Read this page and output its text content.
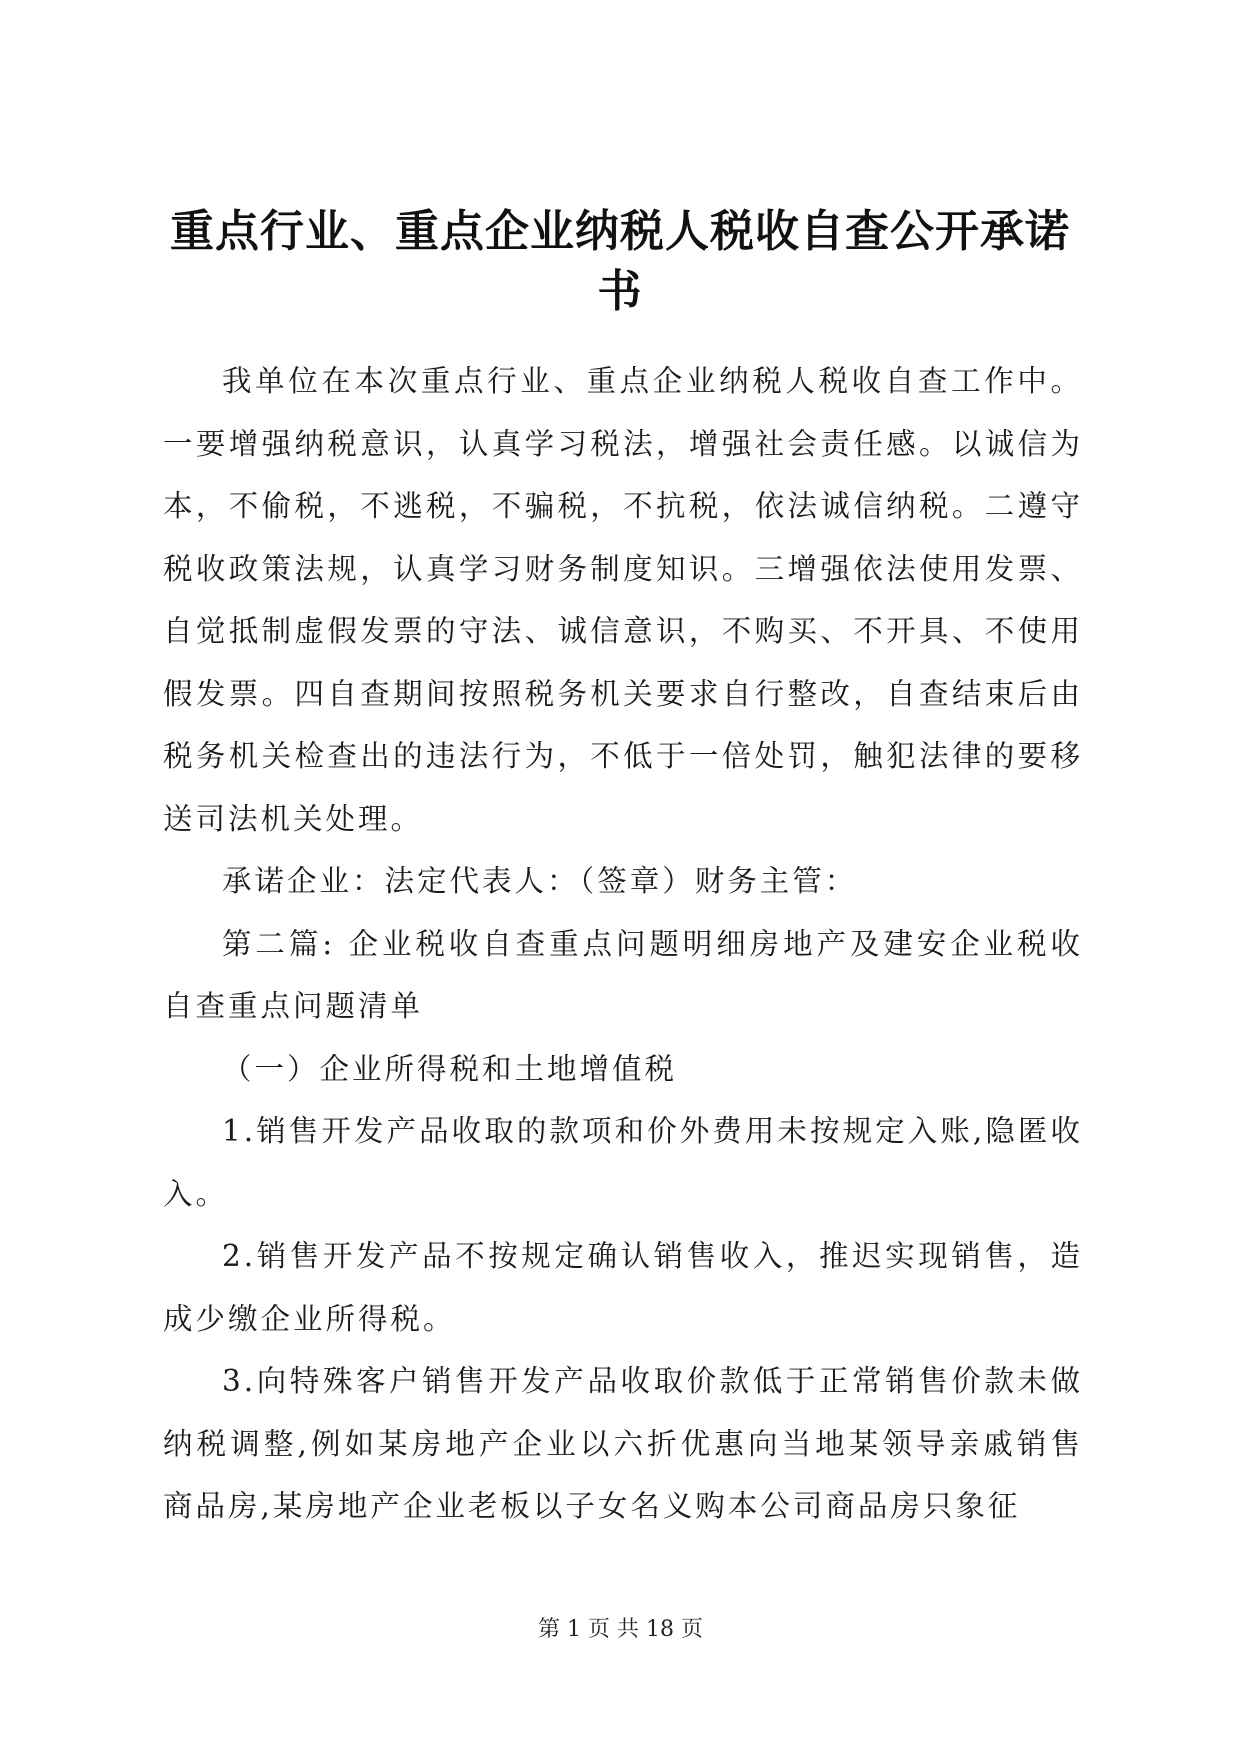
重点行业、重点企业纳税人税收自查公开承诺书

我单位在本次重点行业、重点企业纳税人税收自查工作中。一要增强纳税意识，认真学习税法，增强社会责任感。以诚信为本，不偷税，不逃税，不骗税，不抗税，依法诚信纳税。二遵守税收政策法规，认真学习财务制度知识。三增强依法使用发票、自觉抵制虚假发票的守法、诚信意识，不购买、不开具、不使用假发票。四自查期间按照税务机关要求自行整改，自查结束后由税务机关检查出的违法行为，不低于一倍处罚，触犯法律的要移送司法机关处理。

承诺企业：法定代表人：（签章）财务主管：

第二篇: 企业税收自查重点问题明细房地产及建安企业税收自查重点问题清单

（一）企业所得税和土地增值税

1.销售开发产品收取的款项和价外费用未按规定入账,隐匿收入。

2.销售开发产品不按规定确认销售收入，推迟实现销售，造成少缴企业所得税。

3.向特殊客户销售开发产品收取价款低于正常销售价款未做纳税调整,例如某房地产企业以六折优惠向当地某领导亲戚销售商品房,某房地产企业老板以子女名义购本公司商品房只象征

第 1 页 共 18 页
